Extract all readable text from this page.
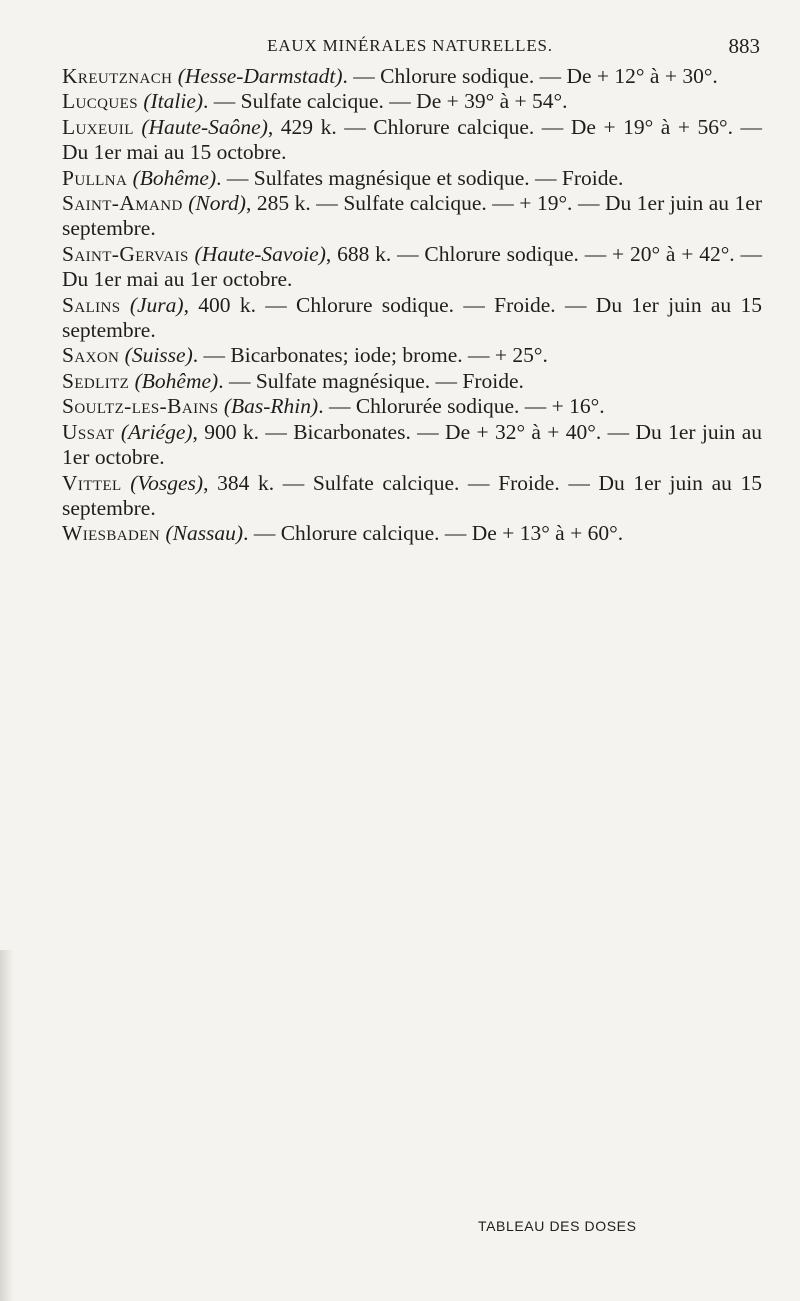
EAUX MINÉRALES NATURELLES.	883

Kreutznach (Hesse-Darmstadt). — Chlorure sodique. — De + 12° à + 30°.

Lucques (Italie). — Sulfate calcique. — De + 39° à + 54°.

Luxeuil (Haute-Saône), 429 k. — Chlorure calcique. — De + 19° à + 56°. — Du 1er mai au 15 octobre.

Pullna (Bohême). — Sulfates magnésique et sodique. — Froide.

Saint-Amand (Nord), 285 k. — Sulfate calcique. — + 19°. — Du 1er juin au 1er septembre.

Saint-Gervais (Haute-Savoie), 688 k. — Chlorure sodique. — + 20° à + 42°. — Du 1er mai au 1er octobre.

Salins (Jura), 400 k. — Chlorure sodique. — Froide. — Du 1er juin au 15 septembre.

Saxon (Suisse). — Bicarbonates; iode; brome. — + 25°.

Sedlitz (Bohême). — Sulfate magnésique. — Froide.

Soultz-les-Bains (Bas-Rhin). — Chlorurée sodique. — + 16°.

Ussat (Ariége), 900 k. — Bicarbonates. — De + 32° à + 40°. — Du 1er juin au 1er octobre.

Vittel (Vosges), 384 k. — Sulfate calcique. — Froide. — Du 1er juin au 15 septembre.

Wiesbaden (Nassau). — Chlorure calcique. — De + 13° à + 60°.

TABLEAU DES DOSES
